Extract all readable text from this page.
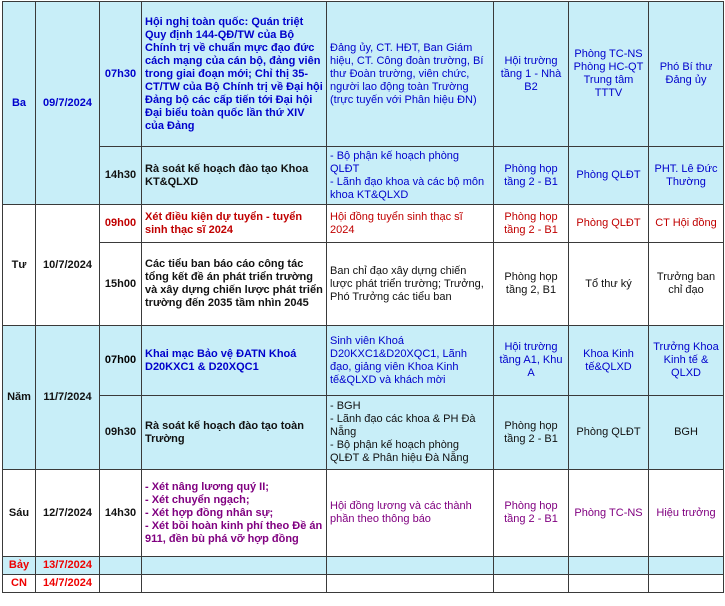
Ba	09/7/2024	07h30	Hội nghị toàn quốc: Quán triệt Quy định 144-QĐ/TW của Bộ Chính trị về chuẩn mực đạo đức cách mạng của cán bộ, đảng viên trong giai đoạn mới; Chỉ thị 35-CT/TW của Bộ Chính trị về Đại hội Đảng bộ các cấp tiến tới Đại hội Đại biểu toàn quốc lần thứ XIV của Đảng	Đảng ủy, CT. HĐT, Ban Giám hiệu, CT. Công đoàn trường, Bí thư Đoàn trường, viên chức, người lao động toàn Trường (trực tuyến với Phân hiệu ĐN)	Hội trường tầng 1 - Nhà B2	Phòng TC-NS Phòng HC-QT Trung tâm TTTV	Phó Bí thư Đảng ủy
		14h30	Rà soát kế hoạch đào tạo Khoa KT&QLXD	- Bộ phận kế hoạch phòng QLĐT
- Lãnh đạo khoa và các bộ môn khoa KT&QLXD	Phòng họp tầng 2 - B1	Phòng QLĐT	PHT. Lê Đức Thường
Tư	10/7/2024	09h00	Xét điều kiện dự tuyển - tuyển sinh thạc sĩ 2024	Hội đồng tuyển sinh thạc sĩ 2024	Phòng họp tầng 2 - B1	Phòng QLĐT	CT Hội đồng
		15h00	Các tiểu ban báo cáo công tác tổng kết đề án phát triển trường và xây dựng chiến lược phát triển trường đến 2035 tầm nhìn 2045	Ban chỉ đạo xây dựng chiến lược phát triển trường; Trưởng, Phó Trưởng các tiểu ban	Phòng họp tầng 2, B1	Tổ thư ký	Trưởng ban chỉ đạo
Năm	11/7/2024	07h00	Khai mạc Bảo vệ ĐATN Khoá D20KXC1 & D20XQC1	Sinh viên Khoá D20KXC1&D20XQC1, Lãnh đạo, giảng viên Khoa Kinh tế&QLXD và khách mời	Hội trường tầng A1, Khu A	Khoa Kinh tế&QLXD	Trưởng Khoa Kinh tế & QLXD
		09h30	Rà soát kế hoạch đào tạo toàn Trường	- BGH
- Lãnh đạo các khoa & PH Đà Nẵng
- Bộ phận kế hoạch phòng QLĐT & Phân hiệu Đà Nẵng	Phòng họp tầng 2 - B1	Phòng QLĐT	BGH
Sáu	12/7/2024	14h30	- Xét nâng lương quý II;
- Xét chuyển ngạch;
- Xét hợp đồng nhân sự;
- Xét bồi hoàn kinh phí theo Đề án 911, đền bù phá vỡ hợp đồng	Hội đồng lương và các thành phần theo thông báo	Phòng họp tầng 2 - B1	Phòng TC-NS	Hiệu trưởng
Bảy	13/7/2024						
CN	14/7/2024						
